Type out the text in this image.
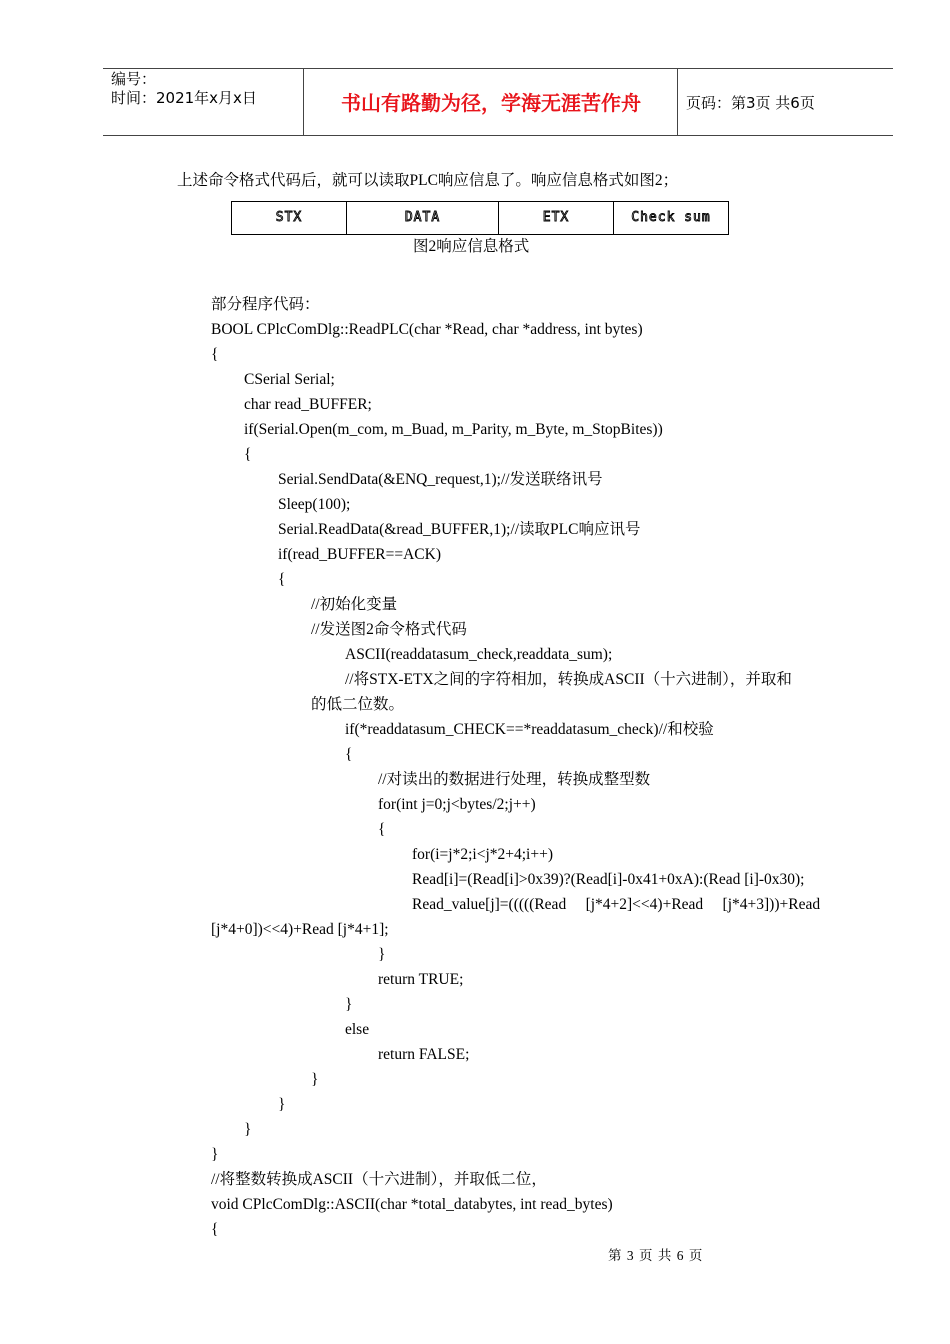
编号：
时间：2021年x月x日	书山有路勤为径，学海无涯苦作舟	页码：第3页 共6页
上述命令格式代码后，就可以读取PLC响应信息了。响应信息格式如图2；
STX	DATA	ETX	Check sum
图2响应信息格式
部分程序代码：
BOOL CPlcComDlg::ReadPLC(char *Read, char *address, int bytes)
{
CSerial Serial;
char read_BUFFER;
if(Serial.Open(m_com, m_Buad, m_Parity, m_Byte, m_StopBites))
{
Serial.SendData(&ENQ_request,1);//发送联络讯号
Sleep(100);
Serial.ReadData(&read_BUFFER,1);//读取PLC响应讯号
if(read_BUFFER==ACK)
{
//初始化变量
//发送图2命令格式代码
ASCII(readdatasum_check,readdata_sum);
//将STX-ETX之间的字符相加，转换成ASCII（十六进制），并取和
的低二位数。
if(*readdatasum_CHECK==*readdatasum_check)//和校验
{
//对读出的数据进行处理，转换成整型数
for(int j=0;j<bytes/2;j++)
{
for(i=j*2;i<j*2+4;i++)
Read[i]=(Read[i]>0x39)?(Read[i]-0x41+0xA):(Read [i]-0x30);
Read_value[j]=(((((Read     [j*4+2]<<4)+Read     [j*4+3]))+Read
[j*4+0])<<4)+Read [j*4+1];
}
return TRUE;
}
else
return FALSE;
}
}
}
}
//将整数转换成ASCII（十六进制），并取低二位，
void CPlcComDlg::ASCII(char *total_databytes, int read_bytes)
{
第 3 页 共 6 页
